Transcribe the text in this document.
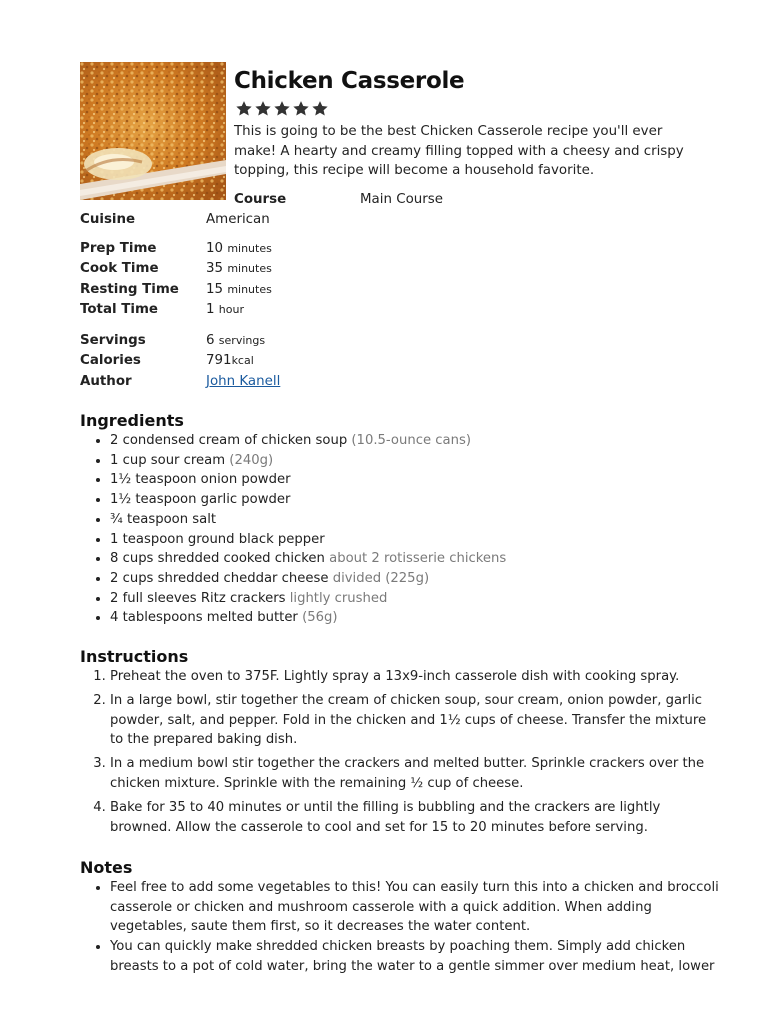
Chicken Casserole

This is going to be the best Chicken Casserole recipe you'll ever make! A hearty and creamy filling topped with a cheesy and crispy topping, this recipe will become a household favorite.

Course	Main Course
Cuisine	American
Prep Time	10 minutes
Cook Time	35 minutes
Resting Time 15 minutes
Total Time	1 hour
Servings	6 servings
Calories	791kcal
Author	John Kanell
Ingredients
• 2 condensed cream of chicken soup (10.5-ounce cans)
• 1 cup sour cream (240g)
• 1½ teaspoon onion powder
• 1½ teaspoon garlic powder
• ¾ teaspoon salt
• 1 teaspoon ground black pepper
• 8 cups shredded cooked chicken about 2 rotisserie chickens
• 2 cups shredded cheddar cheese divided (225g)
• 2 full sleeves Ritz crackers lightly crushed
• 4 tablespoons melted butter (56g)
Instructions
1. Preheat the oven to 375F. Lightly spray a 13x9-inch casserole dish with cooking spray.
2. In a large bowl, stir together the cream of chicken soup, sour cream, onion powder, garlic powder, salt, and pepper. Fold in the chicken and 1½ cups of cheese. Transfer the mixture to the prepared baking dish.
3. In a medium bowl stir together the crackers and melted butter. Sprinkle crackers over the chicken mixture. Sprinkle with the remaining ½ cup of cheese.
4. Bake for 35 to 40 minutes or until the filling is bubbling and the crackers are lightly browned. Allow the casserole to cool and set for 15 to 20 minutes before serving.
Notes
• Feel free to add some vegetables to this! You can easily turn this into a chicken and broccoli casserole or chicken and mushroom casserole with a quick addition. When adding vegetables, saute them first, so it decreases the water content.
• You can quickly make shredded chicken breasts by poaching them. Simply add chicken breasts to a pot of cold water, bring the water to a gentle simmer over medium heat, lower
